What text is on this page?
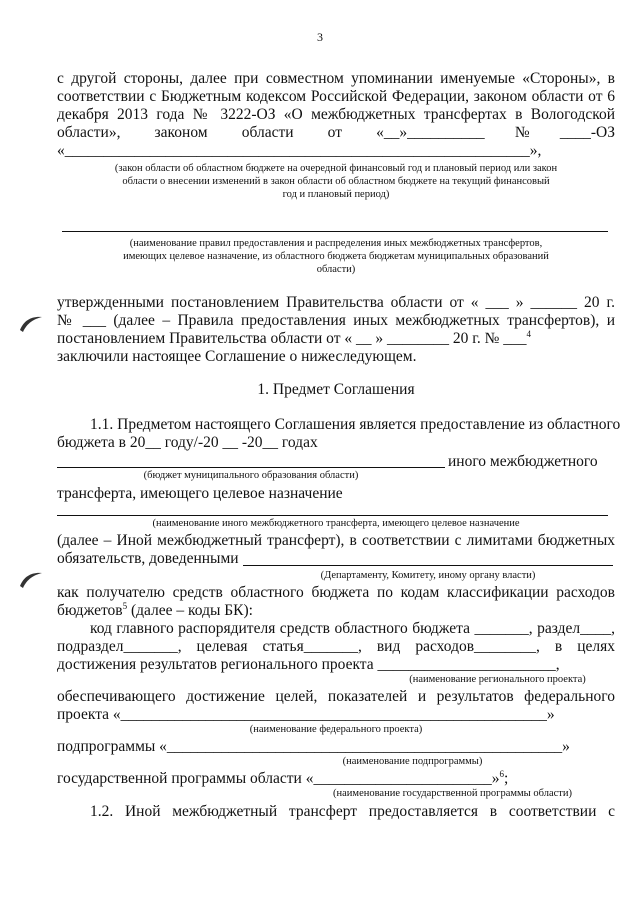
3
с другой стороны, далее при совместном упоминании именуемые «Стороны», в
соответствии с Бюджетным кодексом Российской Федерации, законом области от 6
декабря 2013 года № 3222-ОЗ «О межбюджетных трансфертах в Вологодской
области», законом области от «__»__________№____-ОЗ
«____________________________________________________________»,
(закон области об областном бюджете на очередной финансовый год и плановый период или закон
области о внесении изменений в закон области об областном бюджете на текущий финансовый
год и плановый период)
(наименование правил предоставления и распределения иных межбюджетных трансфертов,
имеющих целевое назначение, из областного бюджета бюджетам муниципальных образований
области)
утвержденными постановлением Правительства области от « ___ » ______ 20 г.
№ ___ (далее – Правила предоставления иных межбюджетных трансфертов), и
постановлением Правительства области от « __ » ________ 20 г. № ___$^4$
заключили настоящее Соглашение о нижеследующем.
1. Предмет Соглашения
1.1. Предметом настоящего Соглашения является предоставление из областного
бюджета в 20__ году/-20 __ -20__ годах
иного межбюджетного
(бюджет муниципального образования области)
трансферта, имеющего целевое назначение
(наименование иного межбюджетного трансферта, имеющего целевое назначение
(далее – Иной межбюджетный трансферт), в соответствии с лимитами бюджетных
обязательств, доведенными
(Департаменту, Комитету, иному органу власти)
как получателю средств областного бюджета по кодам классификации расходов
бюджетов$^5$ (далее – коды БК):
код главного распорядителя средств областного бюджета _______, раздел____,
подраздел_______, целевая статья_______, вид расходов________, в целях
достижения результатов регионального проекта _______________________,
(наименование регионального проекта)
обеспечивающего достижение целей, показателей и результатов федерального
проекта «_______________________________________________________»
(наименование федерального проекта)
подпрограммы «___________________________________________________»
(наименование подпрограммы)
государственной программы области «_______________________»$^6$;
(наименование государственной программы области)
1.2. Иной межбюджетный трансферт предоставляется в соответствии с
